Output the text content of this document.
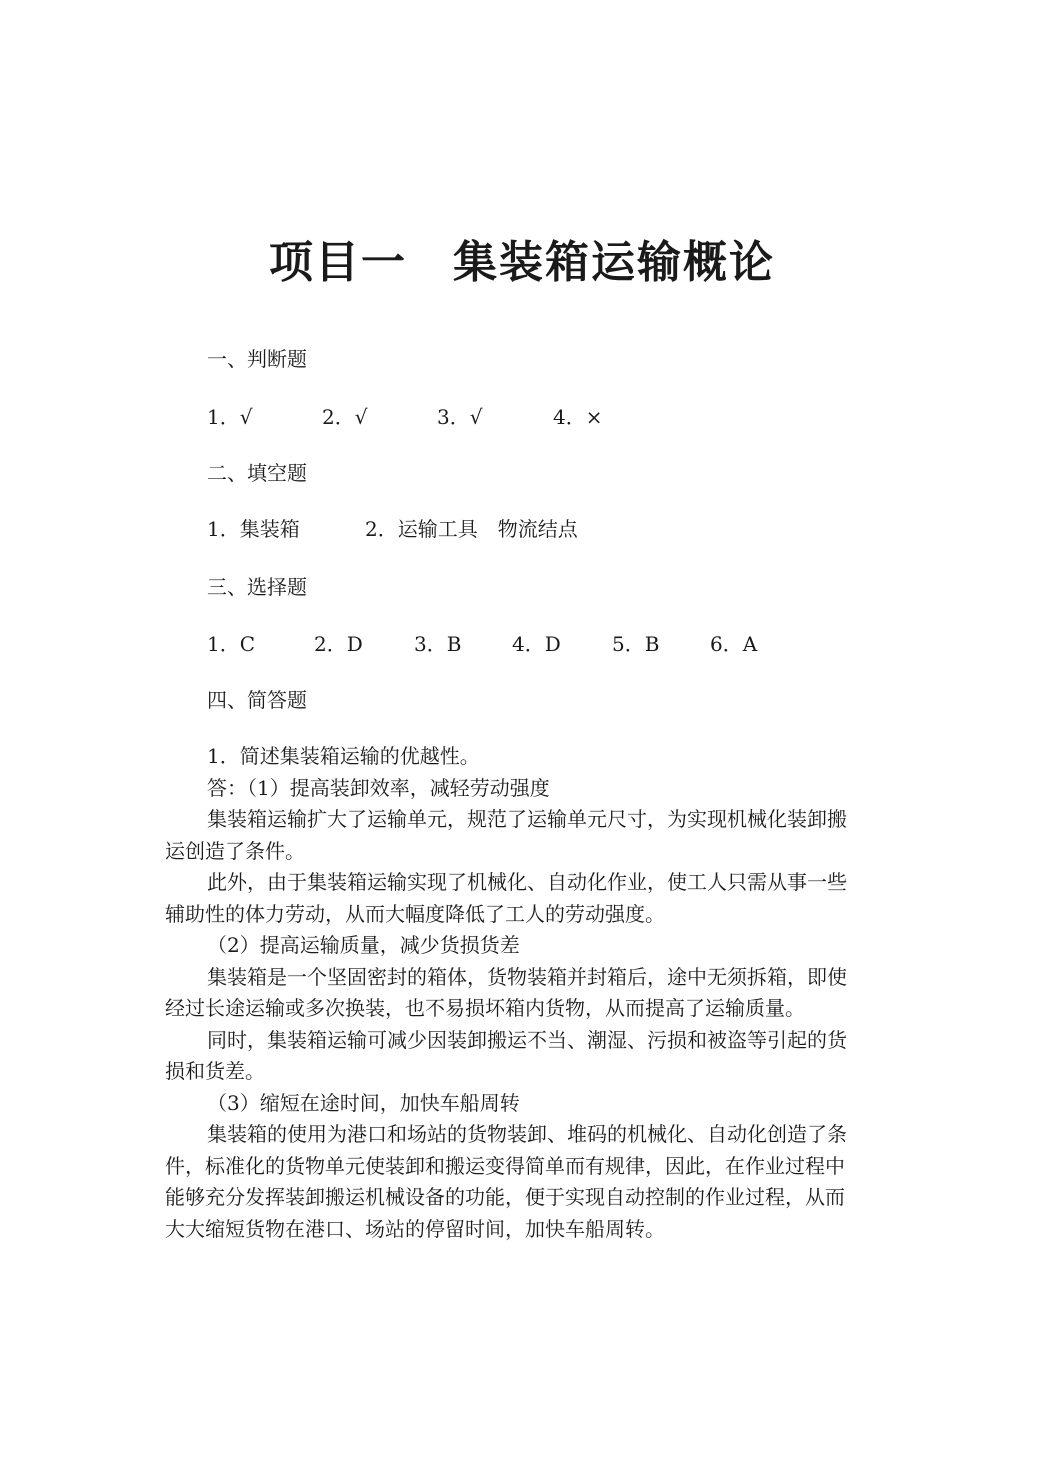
项目一　集装箱运输概论
一、判断题
1．√	2．√	3．√	4．×
二、填空题
1．集装箱	2．运输工具　物流结点
三、选择题
1．C	2．D	3．B	4．D	5．B	6．A
四、简答题

1．简述集装箱运输的优越性。

答：（1）提高装卸效率，减轻劳动强度

集装箱运输扩大了运输单元，规范了运输单元尺寸，为实现机械化装卸搬

运创造了条件。

此外，由于集装箱运输实现了机械化、自动化作业，使工人只需从事一些

辅助性的体力劳动，从而大幅度降低了工人的劳动强度。

（2）提高运输质量，减少货损货差

集装箱是一个坚固密封的箱体，货物装箱并封箱后，途中无须拆箱，即使

经过长途运输或多次换装，也不易损坏箱内货物，从而提高了运输质量。

同时，集装箱运输可减少因装卸搬运不当、潮湿、污损和被盗等引起的货

损和货差。

（3）缩短在途时间，加快车船周转

集装箱的使用为港口和场站的货物装卸、堆码的机械化、自动化创造了条

件，标准化的货物单元使装卸和搬运变得简单而有规律，因此，在作业过程中

能够充分发挥装卸搬运机械设备的功能，便于实现自动控制的作业过程，从而

大大缩短货物在港口、场站的停留时间，加快车船周转。
